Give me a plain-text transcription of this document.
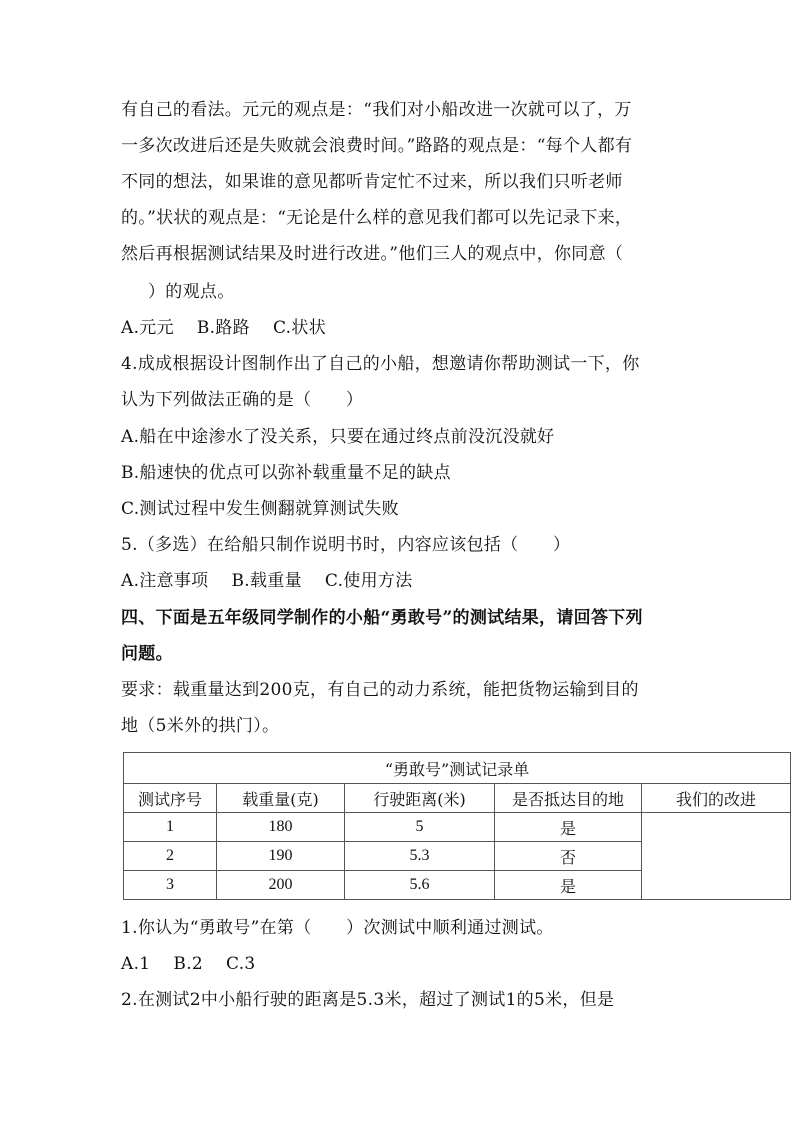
有自己的看法。元元的观点是：“我们对小船改进一次就可以了，万
一多次改进后还是失败就会浪费时间。”路路的观点是：“每个人都有
不同的想法，如果谁的意见都听肯定忙不过来，所以我们只听老师
的。”状状的观点是：“无论是什么样的意见我们都可以先记录下来，
然后再根据测试结果及时进行改进。”他们三人的观点中，你同意（
）的观点。
A.元元　 B.路路　 C.状状
4.成成根据设计图制作出了自己的小船，想邀请你帮助测试一下，你
认为下列做法正确的是（　　）
A.船在中途渗水了没关系，只要在通过终点前没沉没就好
B.船速快的优点可以弥补载重量不足的缺点
C.测试过程中发生侧翻就算测试失败
5.（多选）在给船只制作说明书时，内容应该包括（　　）
A.注意事项　 B.载重量　 C.使用方法
四、下面是五年级同学制作的小船“勇敢号”的测试结果，请回答下列
问题。
要求：载重量达到200克，有自己的动力系统，能把货物运输到目的
地（5米外的拱门）。
“勇敢号”测试记录单				
测试序号	载重量(克)	行驶距离(米)	是否抵达目的地	我们的改进
1	180	5	是	
2	190	5.3	否	
3	200	5.6	是	
1.你认为“勇敢号”在第（　　）次测试中顺利通过测试。
A.1　 B.2　 C.3
2.在测试2中小船行驶的距离是5.3米，超过了测试1的5米，但是
